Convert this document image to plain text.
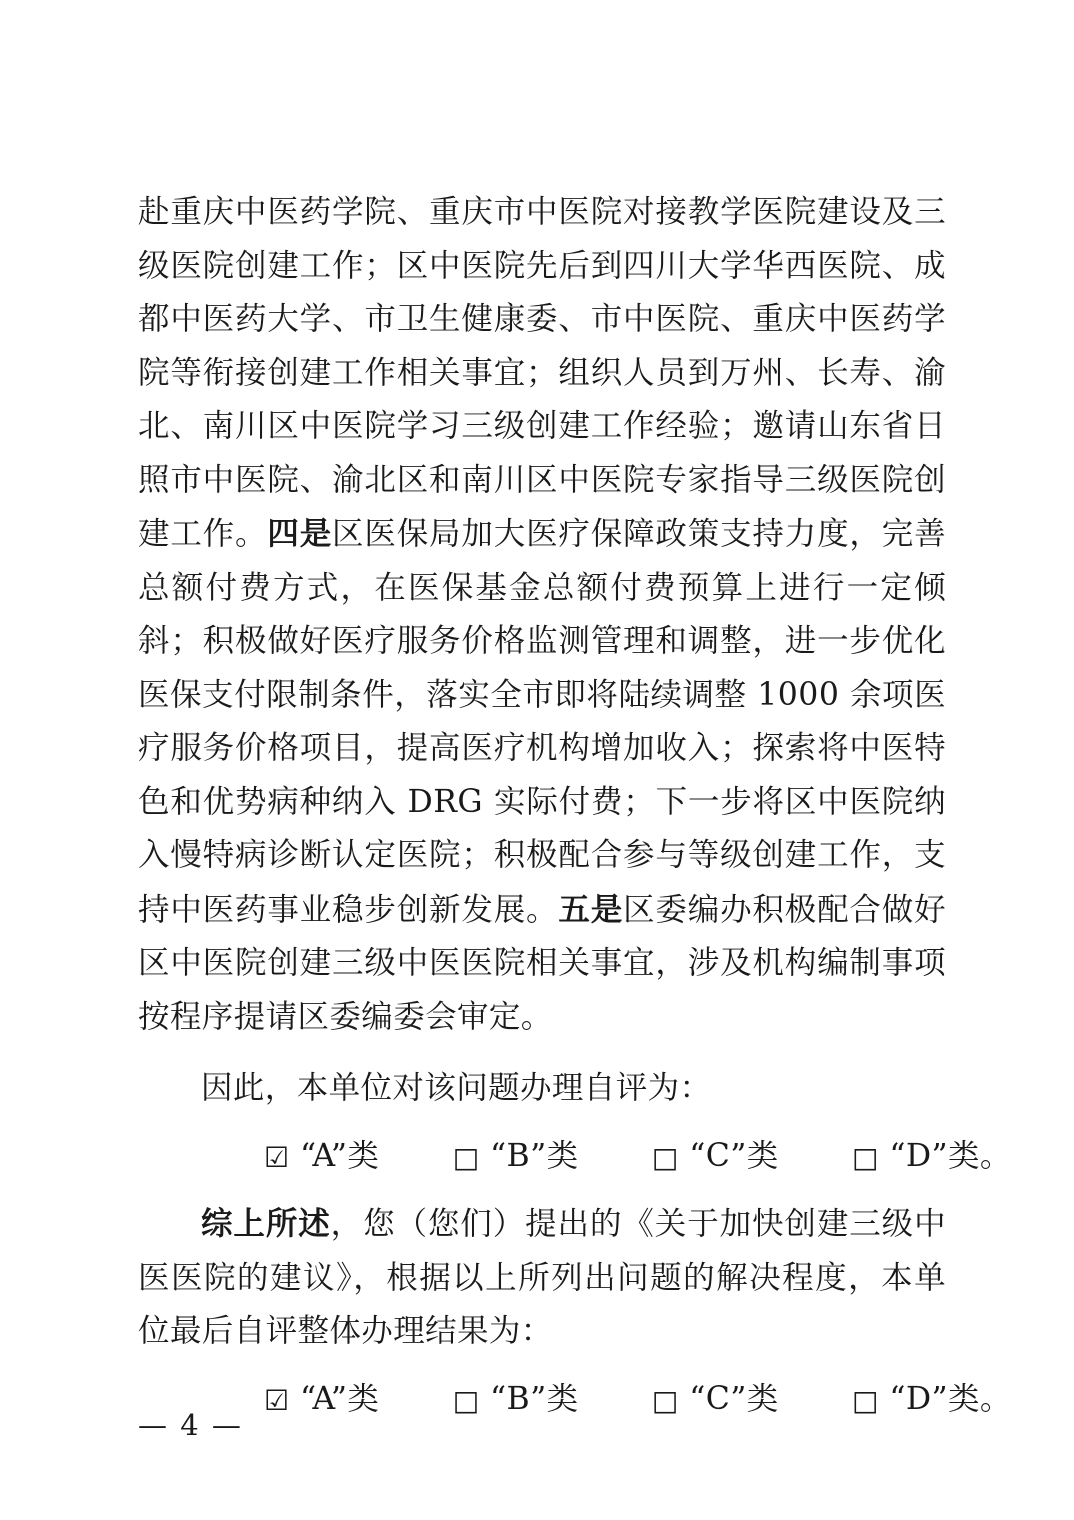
赴重庆中医药学院、重庆市中医院对接教学医院建设及三级医院创建工作；区中医院先后到四川大学华西医院、成都中医药大学、市卫生健康委、市中医院、重庆中医药学院等衔接创建工作相关事宜；组织人员到万州、长寿、渝北、南川区中医院学习三级创建工作经验；邀请山东省日照市中医院、渝北区和南川区中医院专家指导三级医院创建工作。四是区医保局加大医疗保障政策支持力度，完善总额付费方式，在医保基金总额付费预算上进行一定倾斜；积极做好医疗服务价格监测管理和调整，进一步优化医保支付限制条件，落实全市即将陆续调整 1000 余项医疗服务价格项目，提高医疗机构增加收入；探索将中医特色和优势病种纳入 DRG 实际付费；下一步将区中医院纳入慢特病诊断认定医院；积极配合参与等级创建工作，支持中医药事业稳步创新发展。五是区委编办积极配合做好区中医院创建三级中医医院相关事宜，涉及机构编制事项按程序提请区委编委会审定。

因此，本单位对该问题办理自评为：

☑ “A”类	□ “B”类	□ “C”类	□ “D”类。

综上所述，您（您们）提出的《关于加快创建三级中医医院的建议》，根据以上所列出问题的解决程度，本单位最后自评整体办理结果为：

☑ “A”类	□ “B”类	□ “C”类	□ “D”类。

— 4 —
